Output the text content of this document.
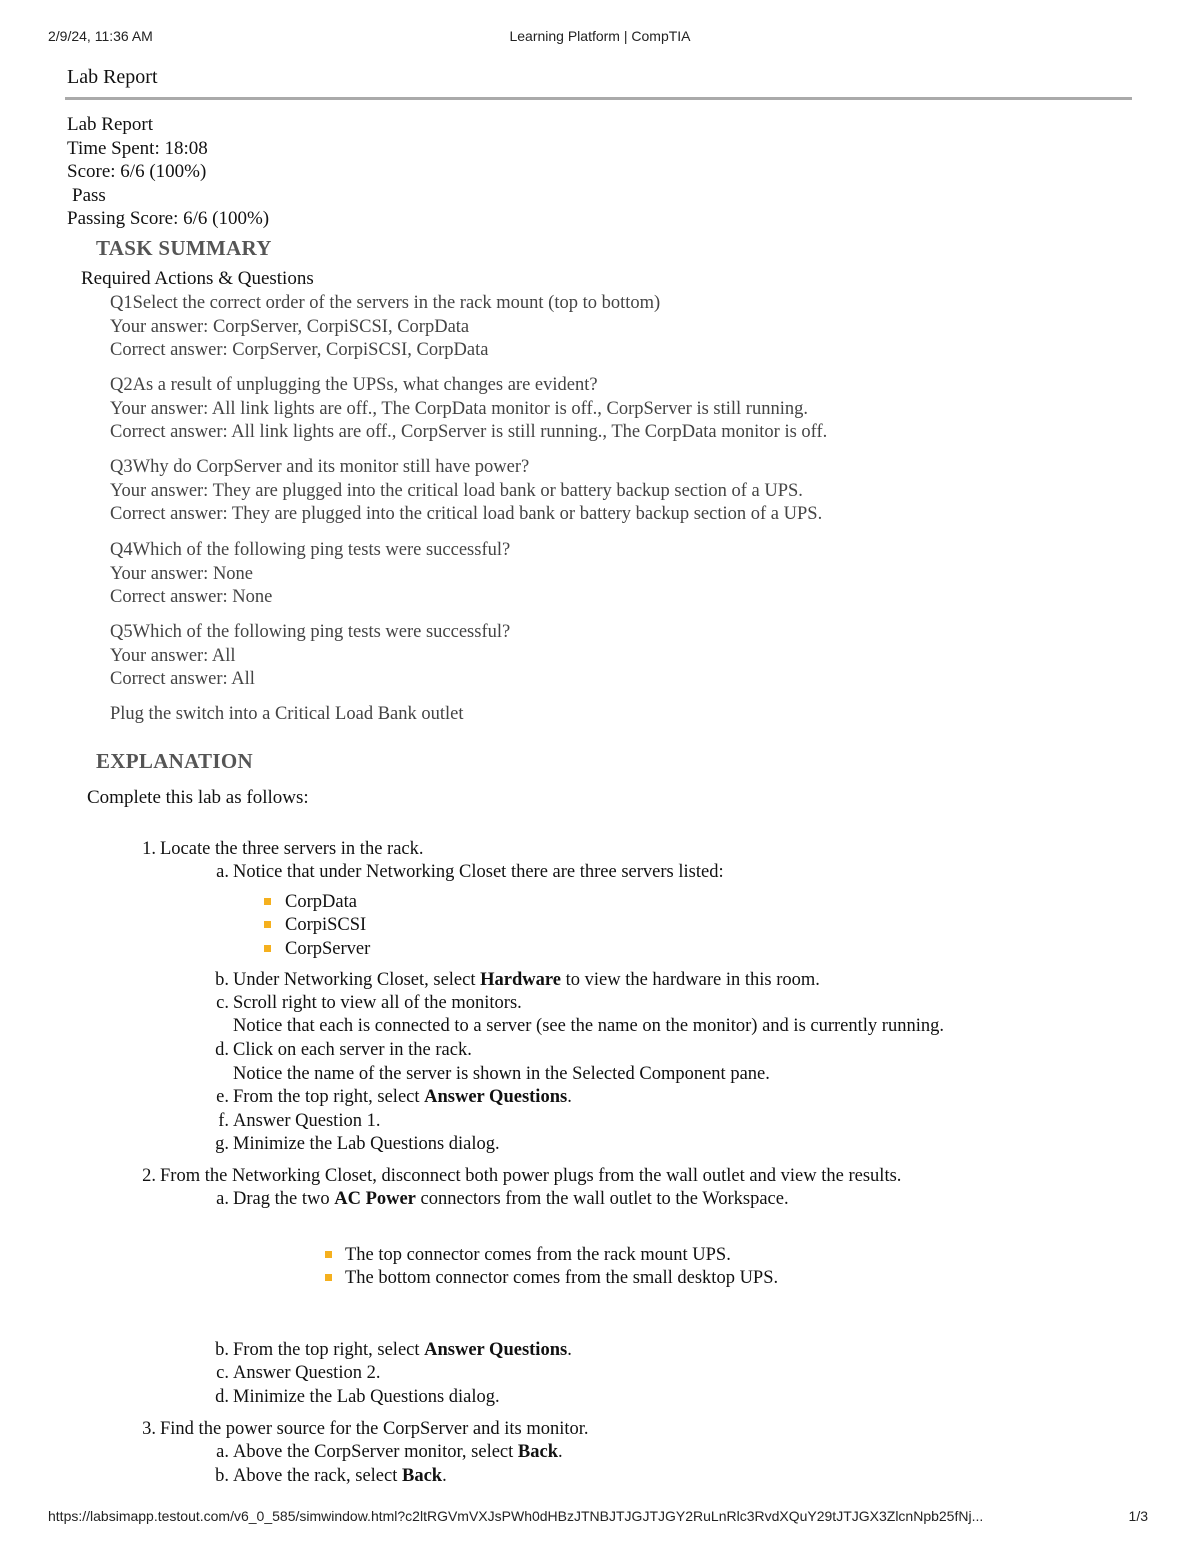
2/9/24, 11:36 AM	Learning Platform | CompTIA
Lab Report
Lab Report
Time Spent: 18:08
Score: 6/6 (100%)
Pass
Passing Score: 6/6 (100%)
TASK SUMMARY
Required Actions & Questions
Q1Select the correct order of the servers in the rack mount (top to bottom)
Your answer: CorpServer, CorpiSCSI, CorpData
Correct answer: CorpServer, CorpiSCSI, CorpData
Q2As a result of unplugging the UPSs, what changes are evident?
Your answer: All link lights are off., The CorpData monitor is off., CorpServer is still running.
Correct answer: All link lights are off., CorpServer is still running., The CorpData monitor is off.
Q3Why do CorpServer and its monitor still have power?
Your answer: They are plugged into the critical load bank or battery backup section of a UPS.
Correct answer: They are plugged into the critical load bank or battery backup section of a UPS.
Q4Which of the following ping tests were successful?
Your answer: None
Correct answer: None
Q5Which of the following ping tests were successful?
Your answer: All
Correct answer: All
Plug the switch into a Critical Load Bank outlet
EXPLANATION
Complete this lab as follows:
1. Locate the three servers in the rack.
a. Notice that under Networking Closet there are three servers listed:
CorpData
CorpiSCSI
CorpServer
b. Under Networking Closet, select Hardware to view the hardware in this room.
c. Scroll right to view all of the monitors.
Notice that each is connected to a server (see the name on the monitor) and is currently running.
d. Click on each server in the rack.
Notice the name of the server is shown in the Selected Component pane.
e. From the top right, select Answer Questions.
f. Answer Question 1.
g. Minimize the Lab Questions dialog.
2. From the Networking Closet, disconnect both power plugs from the wall outlet and view the results.
a. Drag the two AC Power connectors from the wall outlet to the Workspace.
The top connector comes from the rack mount UPS.
The bottom connector comes from the small desktop UPS.
b. From the top right, select Answer Questions.
c. Answer Question 2.
d. Minimize the Lab Questions dialog.
3. Find the power source for the CorpServer and its monitor.
a. Above the CorpServer monitor, select Back.
b. Above the rack, select Back.
https://labsimapp.testout.com/v6_0_585/simwindow.html?c2ltRGVmVXJsPWh0dHBzJTNBJTJGJTJGY2RuLnRlc3RvdXQuY29tJTJGX3ZlcnNpb25fNj...	1/3
